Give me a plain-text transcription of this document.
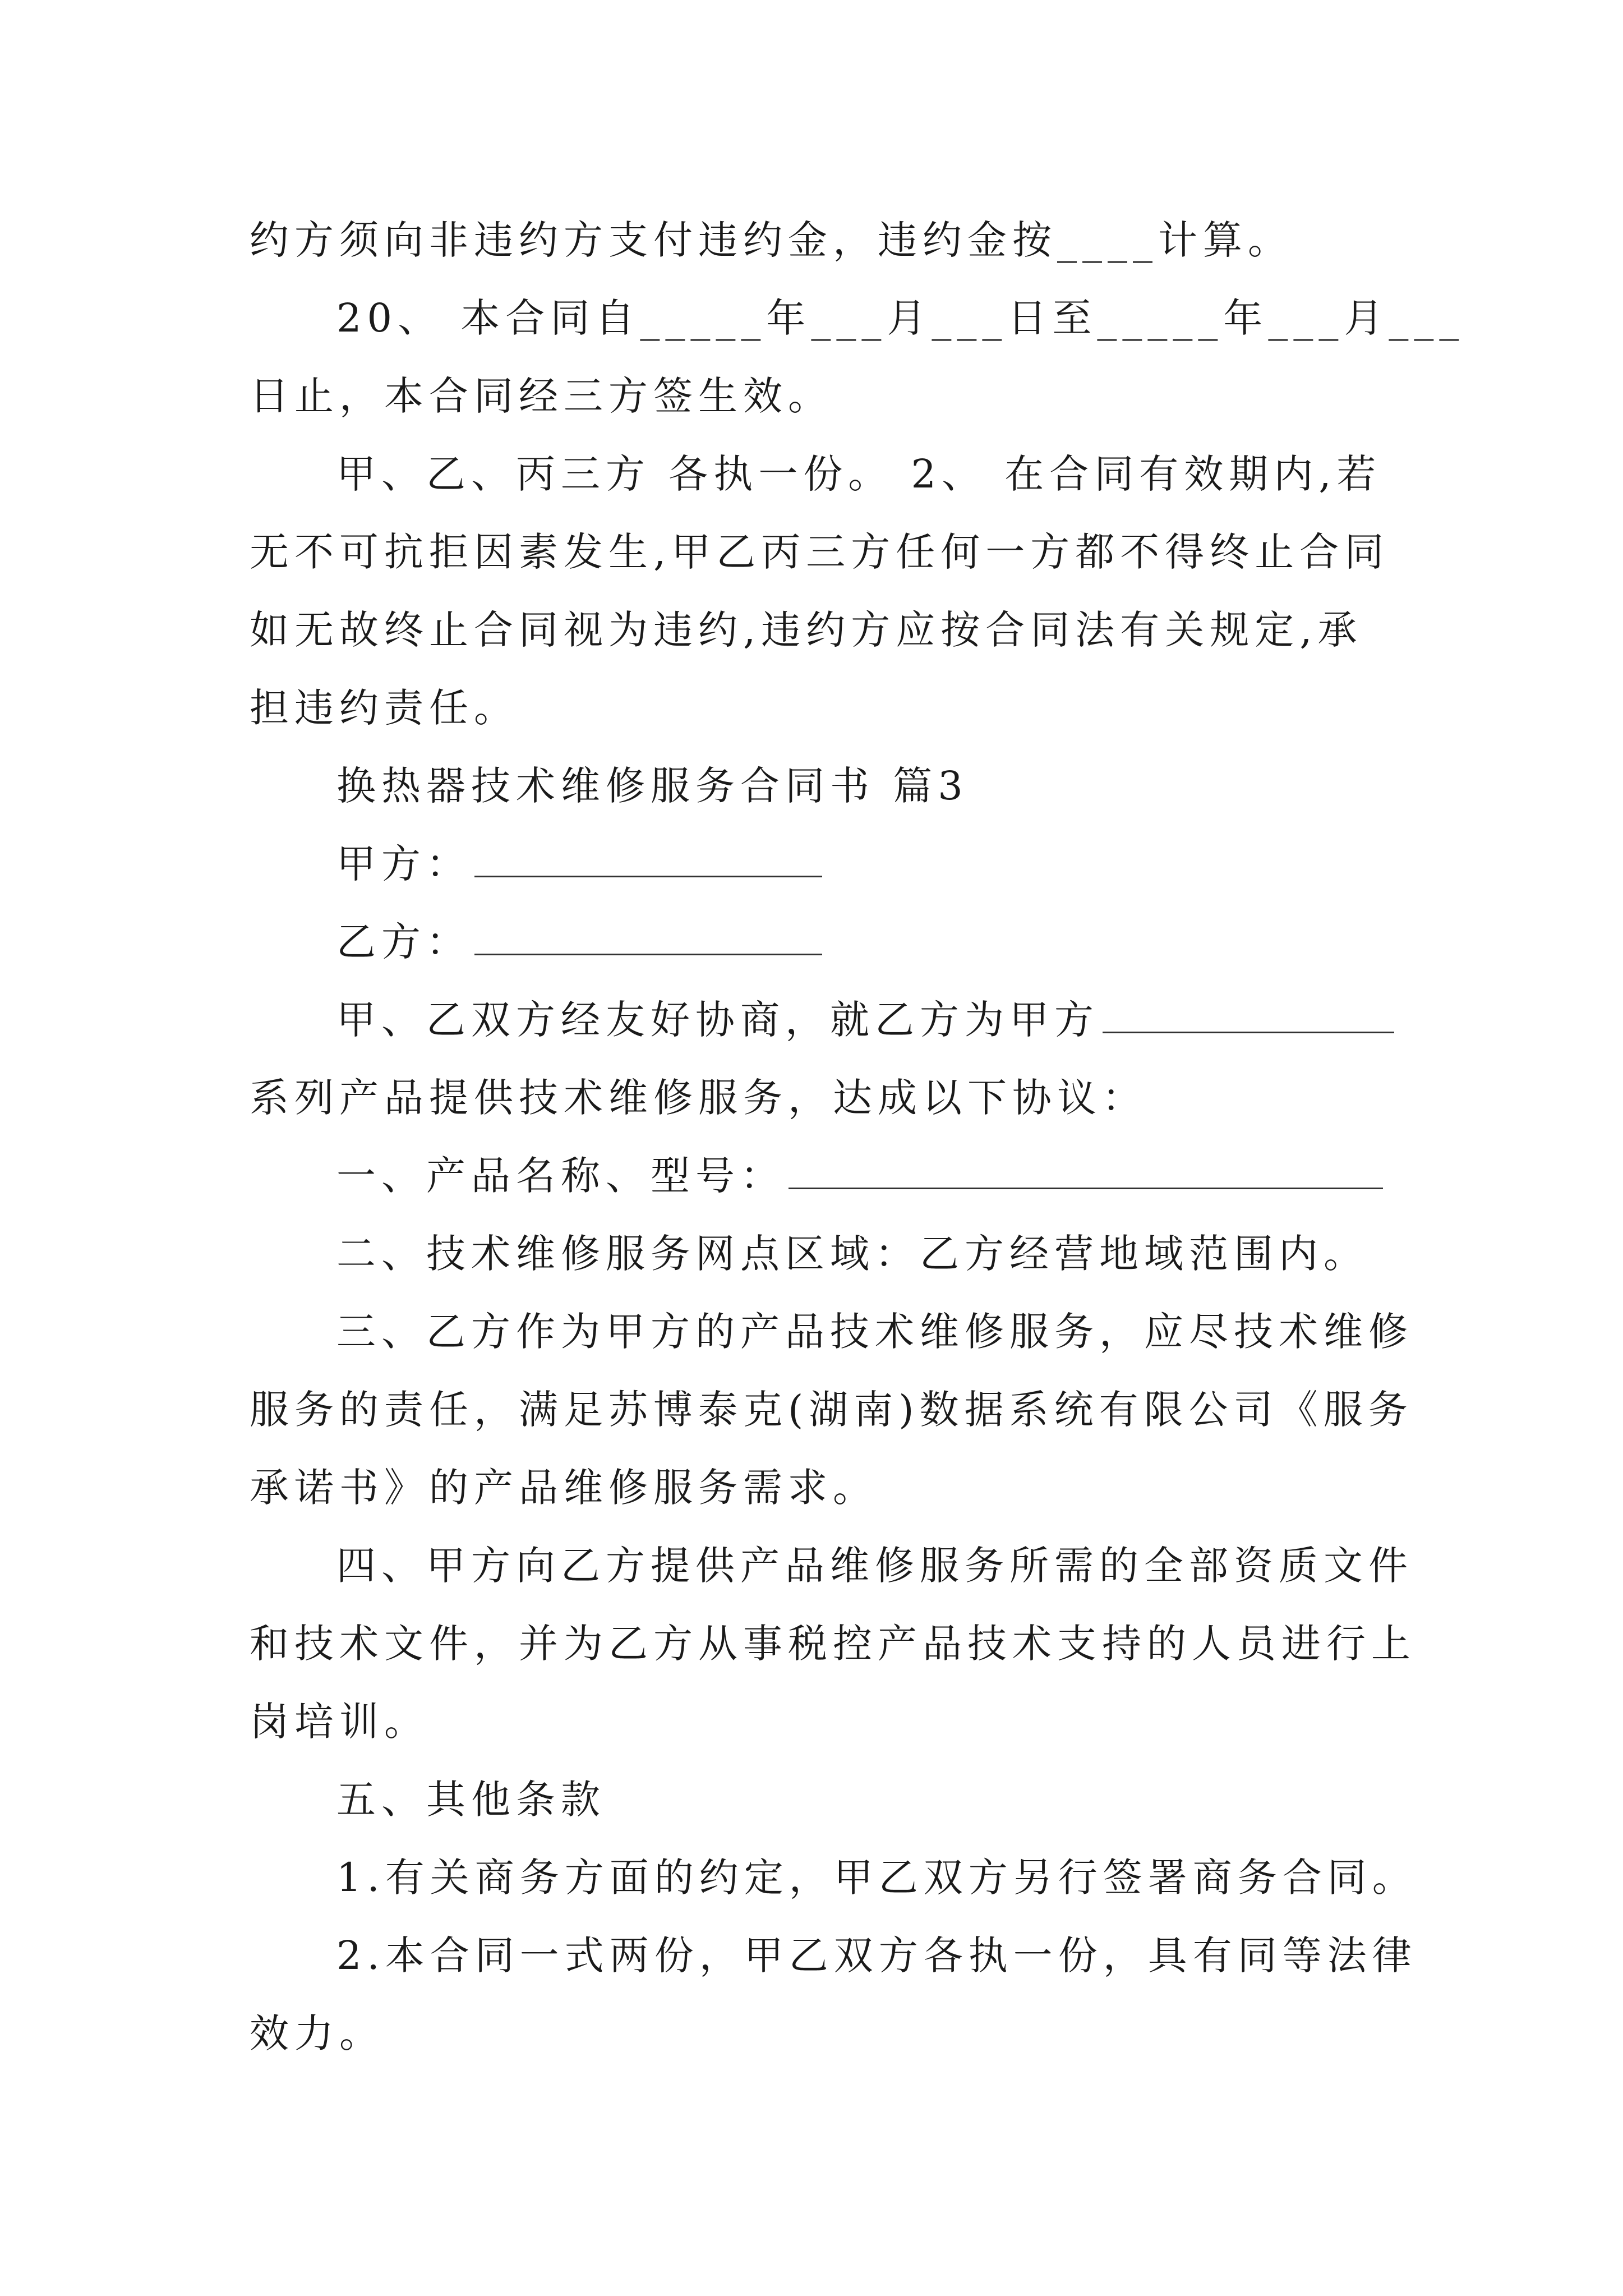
约方须向非违约方支付违约金，违约金按____计算。
20、 本合同自_____年___月___日至_____年___月___
日止，本合同经三方签生效。
甲、乙、丙三方 各执一份。 2、 在合同有效期内,若
无不可抗拒因素发生,甲乙丙三方任何一方都不得终止合同
如无故终止合同视为违约,违约方应按合同法有关规定,承
担违约责任。
换热器技术维修服务合同书 篇3
甲方：
乙方：
甲、乙双方经友好协商，就乙方为甲方
系列产品提供技术维修服务，达成以下协议：
一、产品名称、型号：
二、技术维修服务网点区域：乙方经营地域范围内。
三、乙方作为甲方的产品技术维修服务，应尽技术维修
服务的责任，满足苏博泰克(湖南)数据系统有限公司《服务
承诺书》的产品维修服务需求。
四、甲方向乙方提供产品维修服务所需的全部资质文件
和技术文件，并为乙方从事税控产品技术支持的人员进行上
岗培训。
五、其他条款
1.有关商务方面的约定，甲乙双方另行签署商务合同。
2.本合同一式两份，甲乙双方各执一份，具有同等法律
效力。
